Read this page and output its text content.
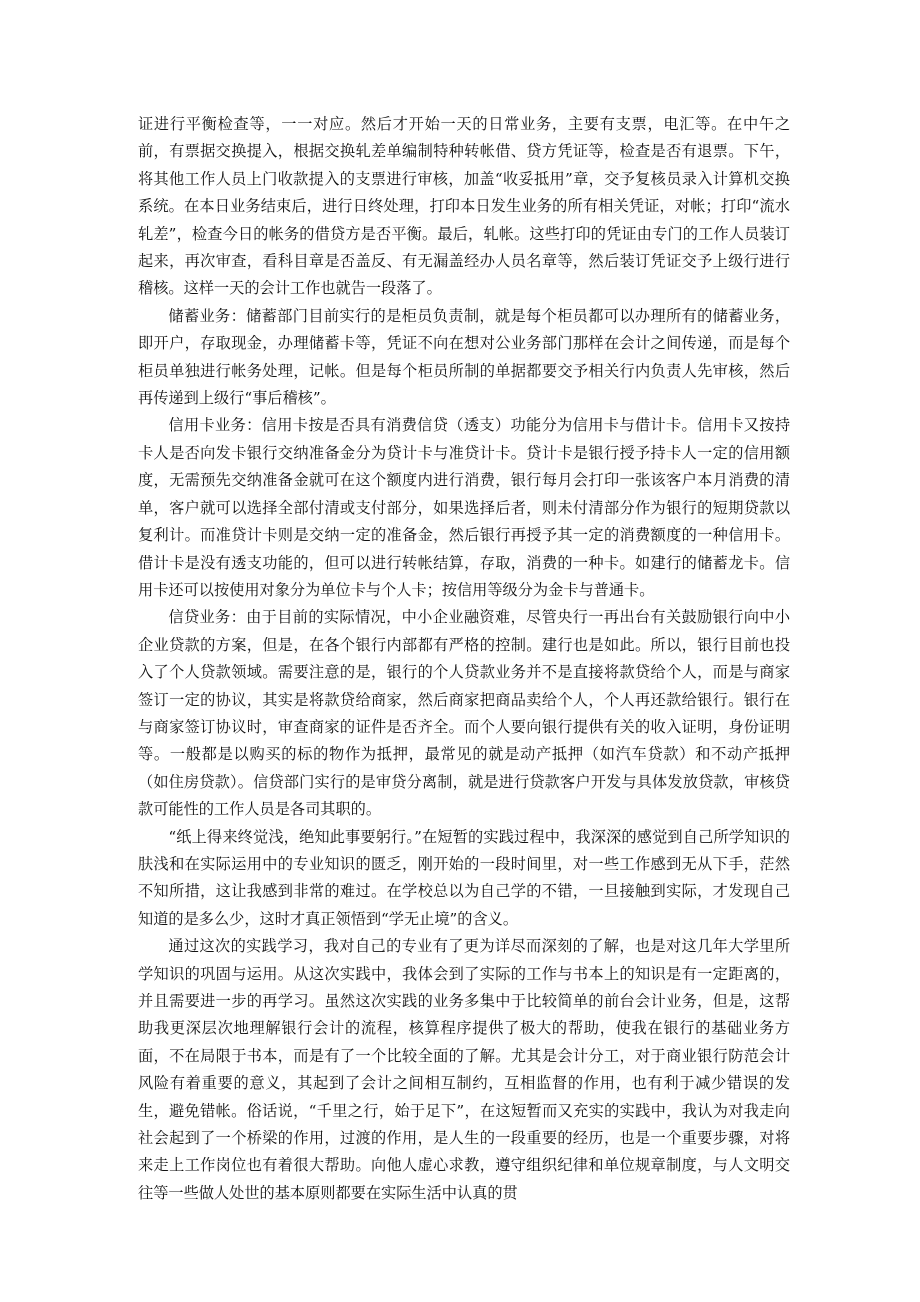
证进行平衡检查等，一一对应。然后才开始一天的日常业务，主要有支票，电汇等。在中午之前，有票据交换提入，根据交换轧差单编制特种转帐借、贷方凭证等，检查是否有退票。下午，将其他工作人员上门收款提入的支票进行审核，加盖“收妥抵用”章，交予复核员录入计算机交换系统。在本日业务结束后，进行日终处理，打印本日发生业务的所有相关凭证，对帐；打印“流水轧差”，检查今日的帐务的借贷方是否平衡。最后，轧帐。这些打印的凭证由专门的工作人员装订起来，再次审查，看科目章是否盖反、有无漏盖经办人员名章等，然后装订凭证交予上级行进行稽核。这样一天的会计工作也就告一段落了。

储蓄业务：储蓄部门目前实行的是柜员负责制，就是每个柜员都可以办理所有的储蓄业务，即开户，存取现金，办理储蓄卡等，凭证不向在想对公业务部门那样在会计之间传递，而是每个柜员单独进行帐务处理，记帐。但是每个柜员所制的单据都要交予相关行内负责人先审核，然后再传递到上级行“事后稽核”。

信用卡业务：信用卡按是否具有消费信贷（透支）功能分为信用卡与借计卡。信用卡又按持卡人是否向发卡银行交纳准备金分为贷计卡与准贷计卡。贷计卡是银行授予持卡人一定的信用额度，无需预先交纳准备金就可在这个额度内进行消费，银行每月会打印一张该客户本月消费的清单，客户就可以选择全部付清或支付部分，如果选择后者，则未付清部分作为银行的短期贷款以复利计。而准贷计卡则是交纳一定的准备金，然后银行再授予其一定的消费额度的一种信用卡。借计卡是没有透支功能的，但可以进行转帐结算，存取，消费的一种卡。如建行的储蓄龙卡。信用卡还可以按使用对象分为单位卡与个人卡；按信用等级分为金卡与普通卡。

信贷业务：由于目前的实际情况，中小企业融资难，尽管央行一再出台有关鼓励银行向中小企业贷款的方案，但是，在各个银行内部都有严格的控制。建行也是如此。所以，银行目前也投入了个人贷款领域。需要注意的是，银行的个人贷款业务并不是直接将款贷给个人，而是与商家签订一定的协议，其实是将款贷给商家，然后商家把商品卖给个人，个人再还款给银行。银行在与商家签订协议时，审查商家的证件是否齐全。而个人要向银行提供有关的收入证明，身份证明等。一般都是以购买的标的物作为抵押，最常见的就是动产抵押（如汽车贷款）和不动产抵押（如住房贷款）。信贷部门实行的是审贷分离制，就是进行贷款客户开发与具体发放贷款，审核贷款可能性的工作人员是各司其职的。

“纸上得来终觉浅，绝知此事要躬行。”在短暂的实践过程中，我深深的感觉到自己所学知识的肤浅和在实际运用中的专业知识的匮乏，刚开始的一段时间里，对一些工作感到无从下手，茫然不知所措，这让我感到非常的难过。在学校总以为自己学的不错，一旦接触到实际，才发现自己知道的是多么少，这时才真正领悟到“学无止境”的含义。

通过这次的实践学习，我对自己的专业有了更为详尽而深刻的了解，也是对这几年大学里所学知识的巩固与运用。从这次实践中，我体会到了实际的工作与书本上的知识是有一定距离的，并且需要进一步的再学习。虽然这次实践的业务多集中于比较简单的前台会计业务，但是，这帮助我更深层次地理解银行会计的流程，核算程序提供了极大的帮助，使我在银行的基础业务方面，不在局限于书本，而是有了一个比较全面的了解。尤其是会计分工，对于商业银行防范会计风险有着重要的意义，其起到了会计之间相互制约，互相监督的作用，也有利于减少错误的发生，避免错帐。俗话说，“千里之行，始于足下”，在这短暂而又充实的实践中，我认为对我走向社会起到了一个桥梁的作用，过渡的作用，是人生的一段重要的经历，也是一个重要步骤，对将来走上工作岗位也有着很大帮助。向他人虚心求教，遵守组织纪律和单位规章制度，与人文明交往等一些做人处世的基本原则都要在实际生活中认真的贯
